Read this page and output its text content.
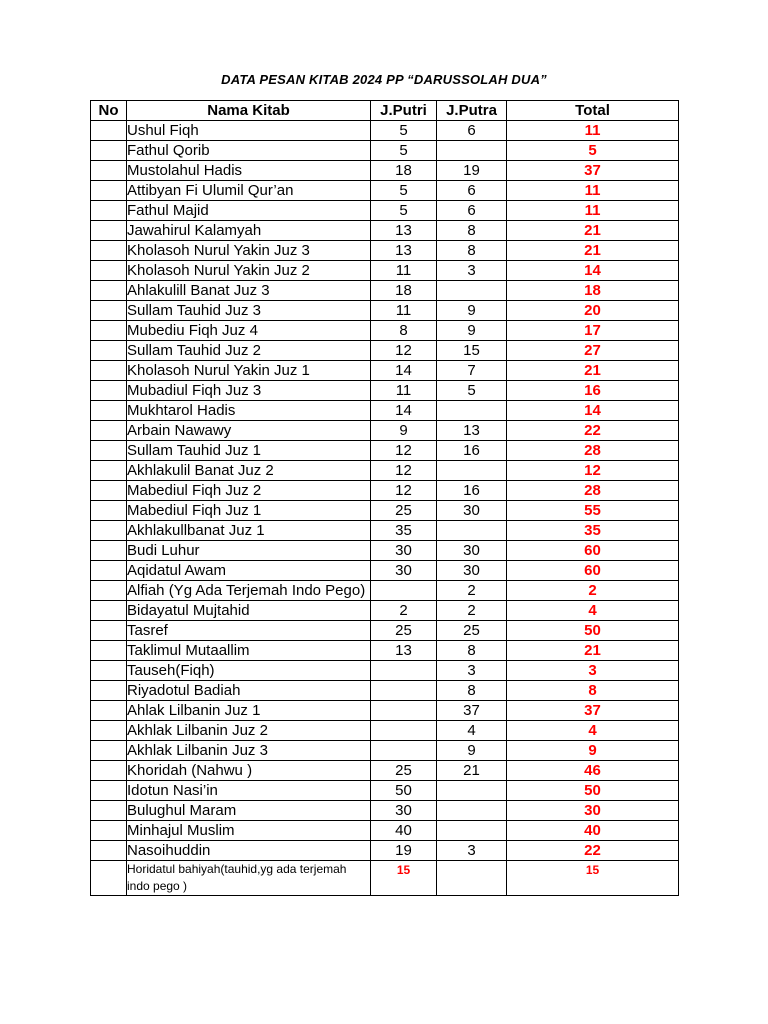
DATA PESAN KITAB 2024 PP “DARUSSOLAH DUA”
No	Nama Kitab	J.Putri	J.Putra	Total
	Ushul Fiqh	5	6	11
	Fathul Qorib	5		5
	Mustolahul Hadis	18	19	37
	Attibyan Fi Ulumil Qur’an	5	6	11
	Fathul Majid	5	6	11
	Jawahirul Kalamyah	13	8	21
	Kholasoh Nurul Yakin Juz 3	13	8	21
	Kholasoh Nurul Yakin Juz 2	11	3	14
	Ahlakulill Banat Juz 3	18		18
	Sullam Tauhid Juz 3	11	9	20
	Mubediu Fiqh Juz 4	8	9	17
	Sullam Tauhid Juz 2	12	15	27
	Kholasoh Nurul Yakin Juz 1	14	7	21
	Mubadiul Fiqh Juz 3	11	5	16
	Mukhtarol Hadis	14		14
	Arbain Nawawy	9	13	22
	Sullam Tauhid Juz 1	12	16	28
	Akhlakulil Banat Juz 2	12		12
	Mabediul Fiqh Juz 2	12	16	28
	Mabediul Fiqh Juz 1	25	30	55
	Akhlakullbanat Juz 1	35		35
	Budi Luhur	30	30	60
	Aqidatul Awam	30	30	60
	Alfiah (Yg Ada Terjemah Indo Pego)		2	2
	Bidayatul Mujtahid	2	2	4
	Tasref	25	25	50
	Taklimul Mutaallim	13	8	21
	Tauseh(Fiqh)		3	3
	Riyadotul Badiah		8	8
	Ahlak Lilbanin Juz 1		37	37
	Akhlak Lilbanin Juz 2		4	4
	Akhlak Lilbanin Juz 3		9	9
	Khoridah (Nahwu )	25	21	46
	Idotun Nasi’in	50		50
	Bulughul Maram	30		30
	Minhajul Muslim	40		40
	Nasoihuddin	19	3	22
	Horidatul bahiyah(tauhid,yg ada terjemah indo pego )	15		15
